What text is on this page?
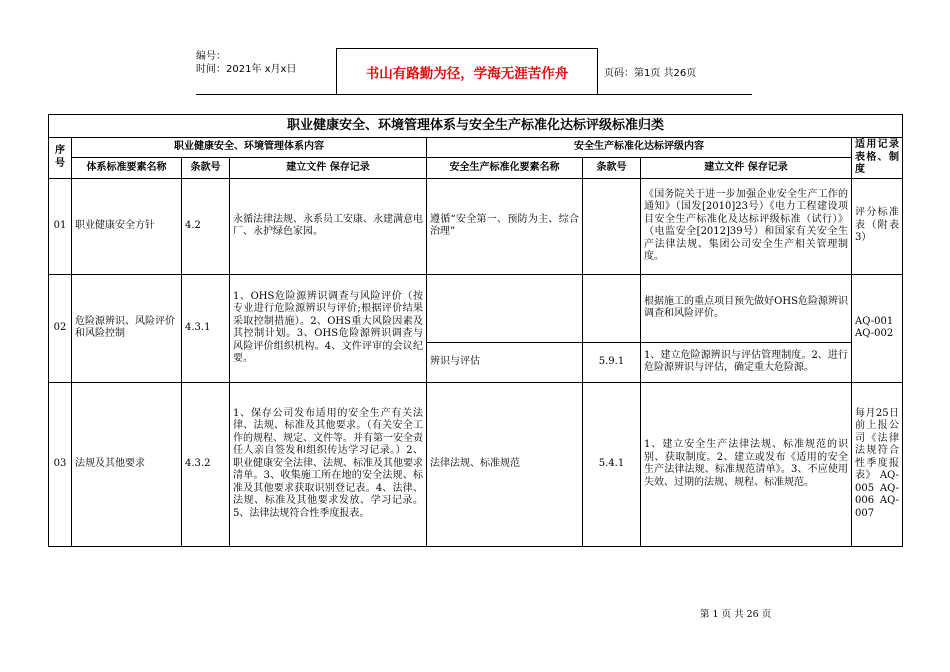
编号：
时间：2021年 x月x日	书山有路勤为径，学海无涯苦作舟	页码：第1页 共26页
职业健康安全、环境管理体系与安全生产标准化达标评级标准归类							
序号	职业健康安全、环境管理体系内容			安全生产标准化达标评级内容			适用记录表格、制度
	体系标准要素名称	条款号	建立文件 保存记录	安全生产标准化要素名称	条款号	建立文件 保存记录	
01	职业健康安全方针	4.2	永循法律法规、永系员工安康、永建满意电厂、永护绿色家园。	遵循“安全第一、预防为主、综合治理”		《国务院关于进一步加强企业安全生产工作的通知》（国发[2010]23号）《电力工程建设项目安全生产标准化及达标评级标准（试行）》（电监安全[2012]39号）和国家有关安全生产法律法规、集团公司安全生产相关管理制度。	评分标准表（附表3）
02	危险源辨识、风险评价和风险控制	4.3.1	1、OHS危险源辨识调查与风险评价（按专业进行危险源辨识与评价;根据评价结果采取控制措施）。2、OHS重大风险因素及其控制计划。3、OHS危险源辨识调查与风险评价组织机构。4、文件评审的会议纪要。			根据施工的重点项目预先做好OHS危险源辨识调查和风险评价。	AQ-001 AQ-002
				辨识与评估	5.9.1	1、建立危险源辨识与评估管理制度。2、进行危险源辨识与评估，确定重大危险源。	
03	法规及其他要求	4.3.2	1、保存公司发布适用的安全生产有关法律、法规、标准及其他要求。（有关安全工作的规程、规定、文件等。并有第一安全责任人亲自签发和组织传达学习记录。）2、职业健康安全法律、法规、标准及其他要求清单。3、收集施工所在地的安全法规、标准及其他要求获取识别登记表。4、法律、法规、标准及其他要求发放、学习记录。5、法律法规符合性季度报表。	法律法规、标准规范	5.4.1	1、建立安全生产法律法规、标准规范的识别、获取制度。2、建立或发布《适用的安全生产法律法规、标准规范清单》。3、不应使用失效、过期的法规、规程、标准规范。	每月25日前上报公司《法律法规符合性季度报表》 AQ-005 AQ-006 AQ-007
第 1 页 共 26 页
